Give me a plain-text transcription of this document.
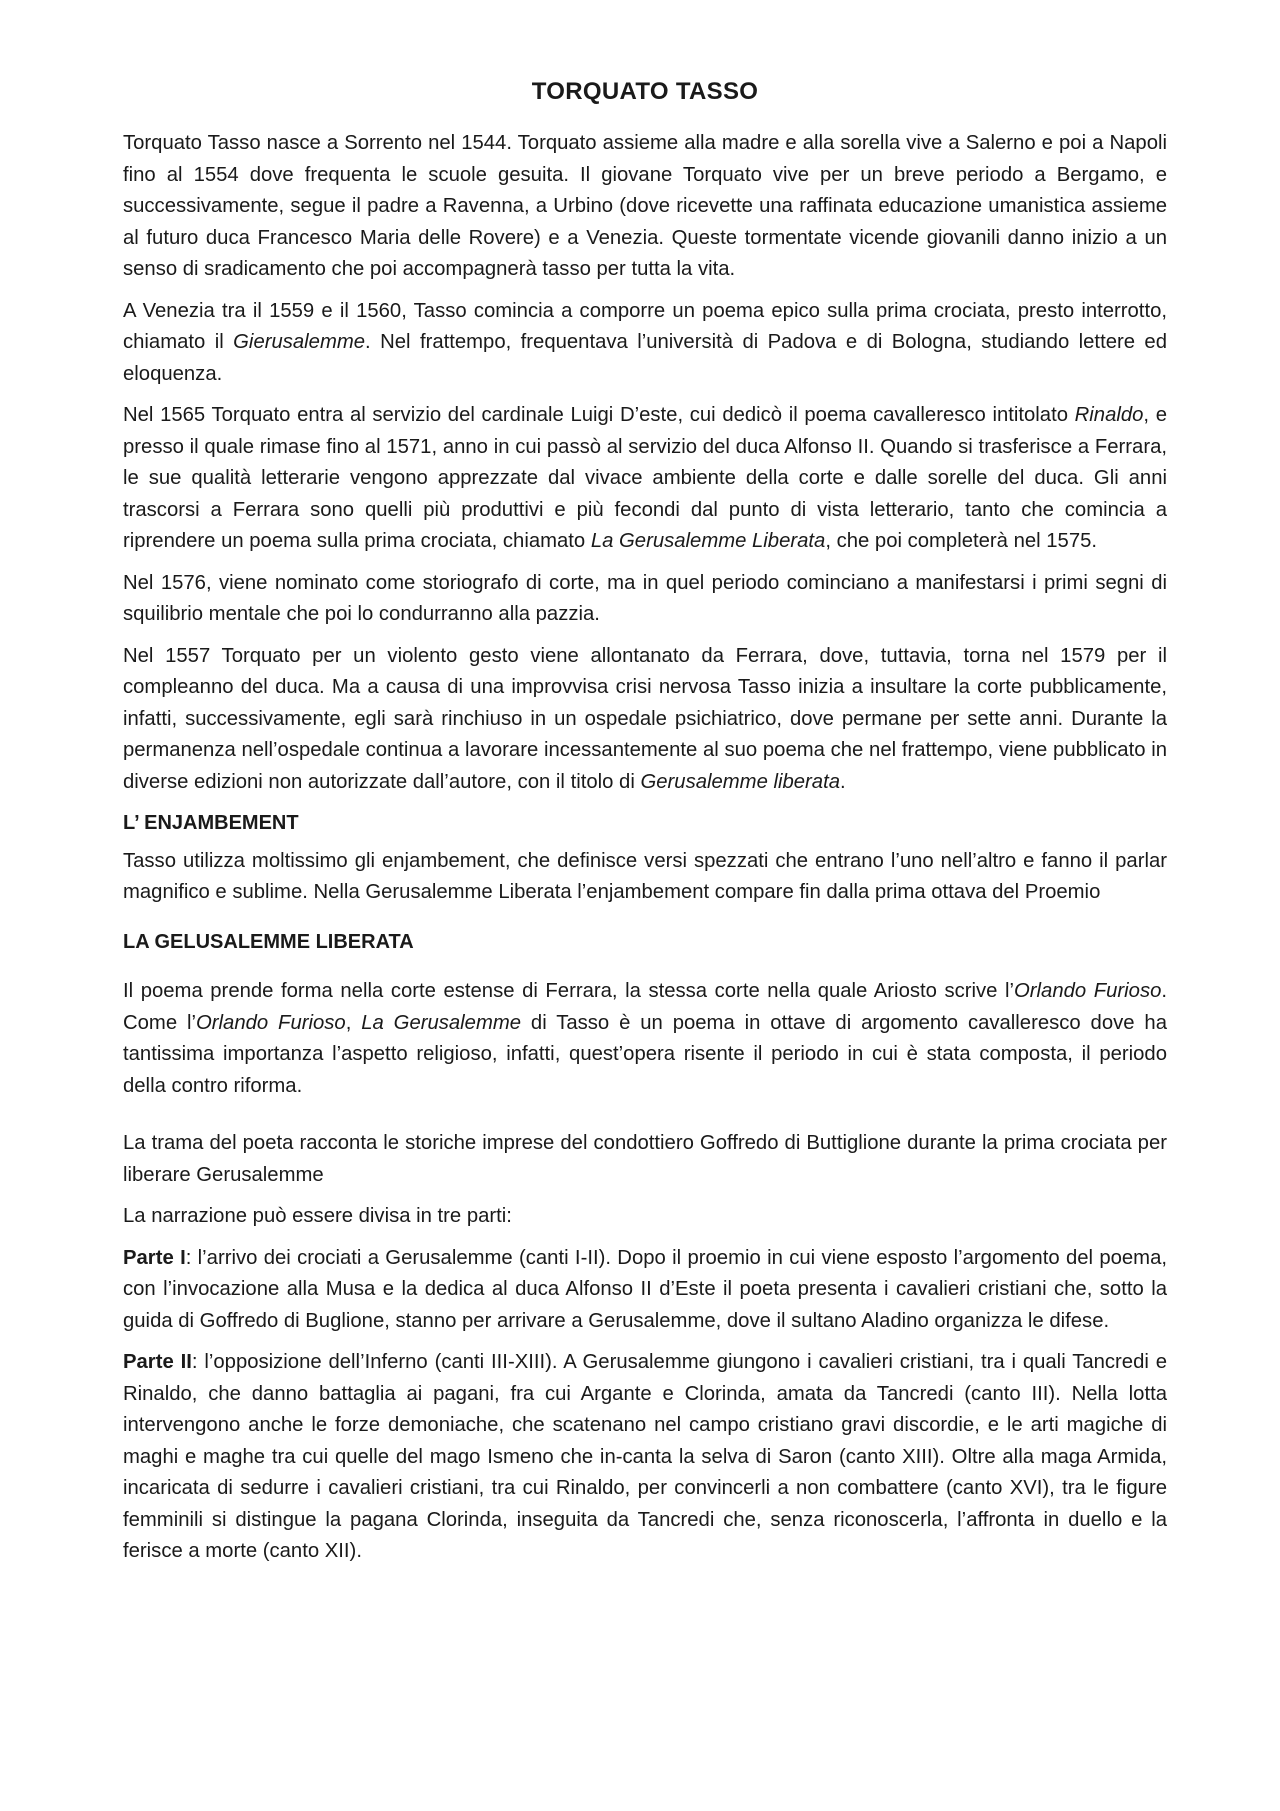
TORQUATO TASSO

Torquato Tasso nasce a Sorrento nel 1544. Torquato assieme alla madre e alla sorella vive a Salerno e poi a Napoli fino al 1554 dove frequenta le scuole gesuita. Il giovane Torquato vive per un breve periodo a Bergamo, e successivamente, segue il padre a Ravenna, a Urbino (dove ricevette una raffinata educazione umanistica assieme al futuro duca Francesco Maria delle Rovere) e a Venezia. Queste tormentate vicende giovanili danno inizio a un senso di sradicamento che poi accompagnerà tasso per tutta la vita.

A Venezia tra il 1559 e il 1560, Tasso comincia a comporre un poema epico sulla prima crociata, presto interrotto, chiamato il Gierusalemme. Nel frattempo, frequentava l’università di Padova e di Bologna, studiando lettere ed eloquenza.

Nel 1565 Torquato entra al servizio del cardinale Luigi D’este, cui dedicò il poema cavalleresco intitolato Rinaldo, e presso il quale rimase fino al 1571, anno in cui passò al servizio del duca Alfonso II. Quando si trasferisce a Ferrara, le sue qualità letterarie vengono apprezzate dal vivace ambiente della corte e dalle sorelle del duca. Gli anni trascorsi a Ferrara sono quelli più produttivi e più fecondi dal punto di vista letterario, tanto che comincia a riprendere un poema sulla prima crociata, chiamato La Gerusalemme Liberata, che poi completerà nel 1575.

Nel 1576, viene nominato come storiografo di corte, ma in quel periodo cominciano a manifestarsi i primi segni di squilibrio mentale che poi lo condurranno alla pazzia.

Nel 1557 Torquato per un violento gesto viene allontanato da Ferrara, dove, tuttavia, torna nel 1579 per il compleanno del duca. Ma a causa di una improvvisa crisi nervosa Tasso inizia a insultare la corte pubblicamente, infatti, successivamente, egli sarà rinchiuso in un ospedale psichiatrico, dove permane per sette anni. Durante la permanenza nell’ospedale continua a lavorare incessantemente al suo poema che nel frattempo, viene pubblicato in diverse edizioni non autorizzate dall’autore, con il titolo di Gerusalemme liberata.

L’ ENJAMBEMENT

Tasso utilizza moltissimo gli enjambement, che definisce versi spezzati che entrano l’uno nell’altro e fanno il parlar magnifico e sublime. Nella Gerusalemme Liberata l’enjambement compare fin dalla prima ottava del Proemio

LA GELUSALEMME LIBERATA

Il poema prende forma nella corte estense di Ferrara, la stessa corte nella quale Ariosto scrive l’Orlando Furioso. Come l’Orlando Furioso, La Gerusalemme di Tasso è un poema in ottave di argomento cavalleresco dove ha tantissima importanza l’aspetto religioso, infatti, quest’opera risente il periodo in cui è stata composta, il periodo della contro riforma.

La trama del poeta racconta le storiche imprese del condottiero Goffredo di Buttiglione durante la prima crociata per liberare Gerusalemme

La narrazione può essere divisa in tre parti:

Parte I: l’arrivo dei crociati a Gerusalemme (canti I-II). Dopo il proemio in cui viene esposto l’argomento del poema, con l’invocazione alla Musa e la dedica al duca Alfonso II d’Este il poeta presenta i cavalieri cristiani che, sotto la guida di Goffredo di Buglione, stanno per arrivare a Gerusalemme, dove il sultano Aladino organizza le difese.

Parte II: l’opposizione dell’Inferno (canti III-XIII). A Gerusalemme giungono i cavalieri cristiani, tra i quali Tancredi e Rinaldo, che danno battaglia ai pagani, fra cui Argante e Clorinda, amata da Tancredi (canto III). Nella lotta intervengono anche le forze demoniache, che scatenano nel campo cristiano gravi discordie, e le arti magiche di maghi e maghe tra cui quelle del mago Ismeno che in-canta la selva di Saron (canto XIII). Oltre alla maga Armida, incaricata di sedurre i cavalieri cristiani, tra cui Rinaldo, per convincerli a non combattere (canto XVI), tra le figure femminili si distingue la pagana Clorinda, inseguita da Tancredi che, senza riconoscerla, l’affronta in duello e la ferisce a morte (canto XII).
